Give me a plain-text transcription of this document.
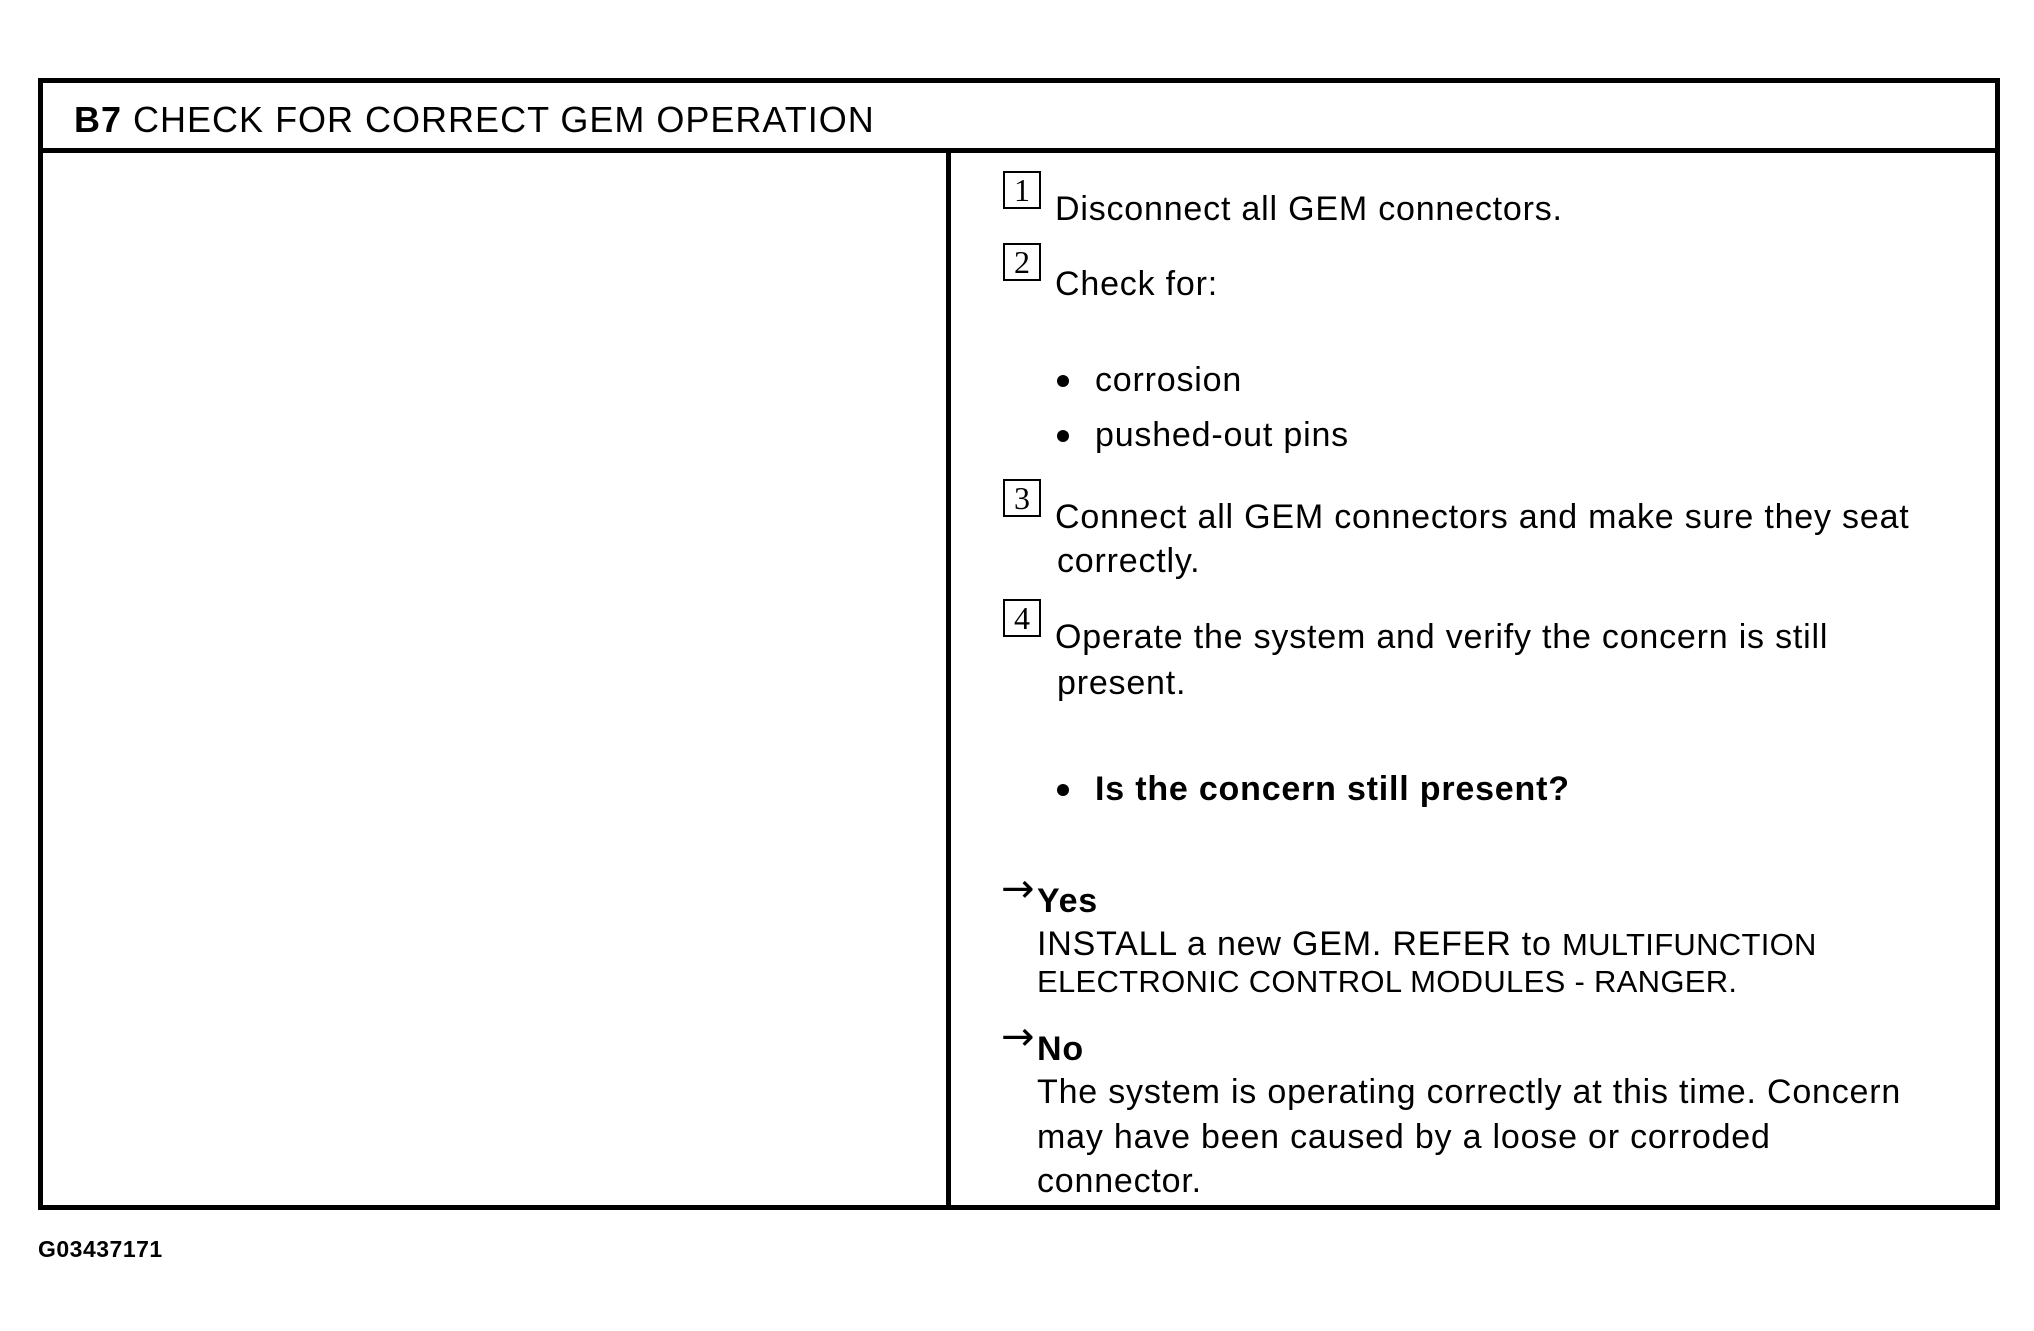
B7 CHECK FOR CORRECT GEM OPERATION
1 Disconnect all GEM connectors.
2
Check for:
corrosion
pushed-out pins
3 Connect all GEM connectors and make sure they seat
correctly.
4 Operate the system and verify the concern is still
present.
Is the concern still present?
→ Yes
INSTALL a new GEM. REFER to MULTIFUNCTION
ELECTRONIC CONTROL MODULES - RANGER.
→ No
The system is operating correctly at this time. Concern
may have been caused by a loose or corroded
connector.
G03437171
